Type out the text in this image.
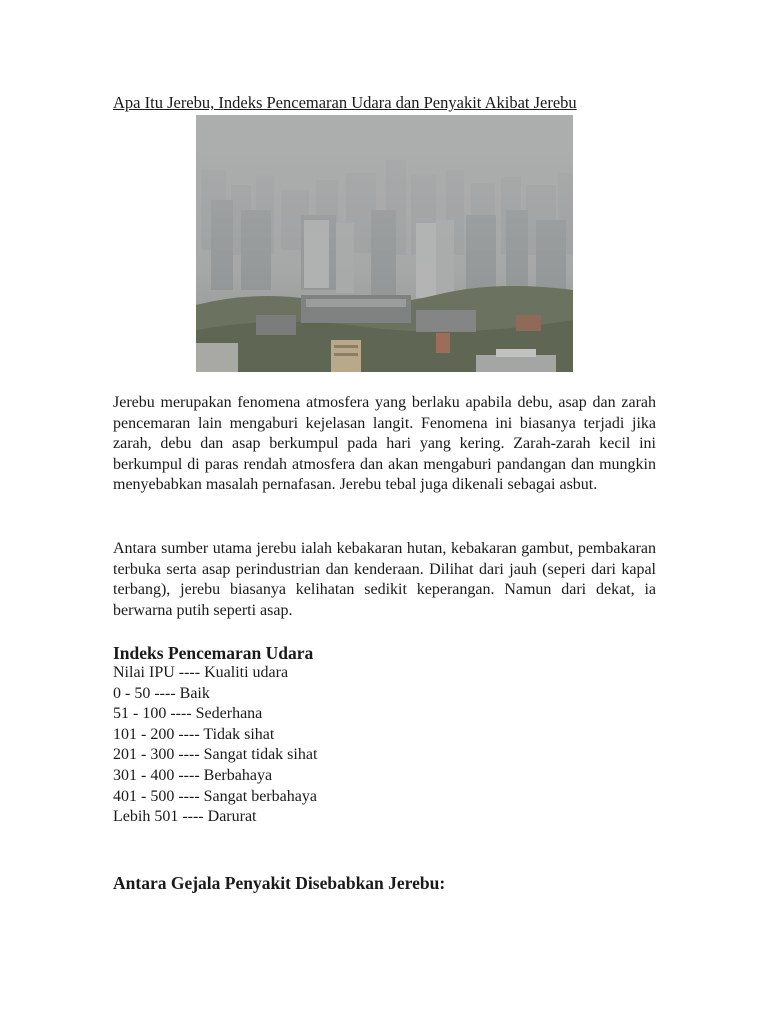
Apa Itu Jerebu, Indeks Pencemaran Udara dan Penyakit Akibat Jerebu

Jerebu merupakan fenomena atmosfera yang berlaku apabila debu, asap dan zarah pencemaran lain mengaburi kejelasan langit. Fenomena ini biasanya terjadi jika zarah, debu dan asap berkumpul pada hari yang kering. Zarah-zarah kecil ini berkumpul di paras rendah atmosfera dan akan mengaburi pandangan dan mungkin menyebabkan masalah pernafasan. Jerebu tebal juga dikenali sebagai asbut.

Antara sumber utama jerebu ialah kebakaran hutan, kebakaran gambut, pembakaran terbuka serta asap perindustrian dan kenderaan. Dilihat dari jauh (seperi dari kapal terbang), jerebu biasanya kelihatan sedikit keperangan. Namun dari dekat, ia berwarna putih seperti asap.

Indeks Pencemaran Udara
Nilai IPU ---- Kualiti udara
0 - 50 ---- Baik
51 - 100 ---- Sederhana
101 - 200 ---- Tidak sihat
201 - 300 ---- Sangat tidak sihat
301 - 400 ---- Berbahaya
401 - 500 ---- Sangat berbahaya
Lebih 501 ---- Darurat
Antara Gejala Penyakit Disebabkan Jerebu:
